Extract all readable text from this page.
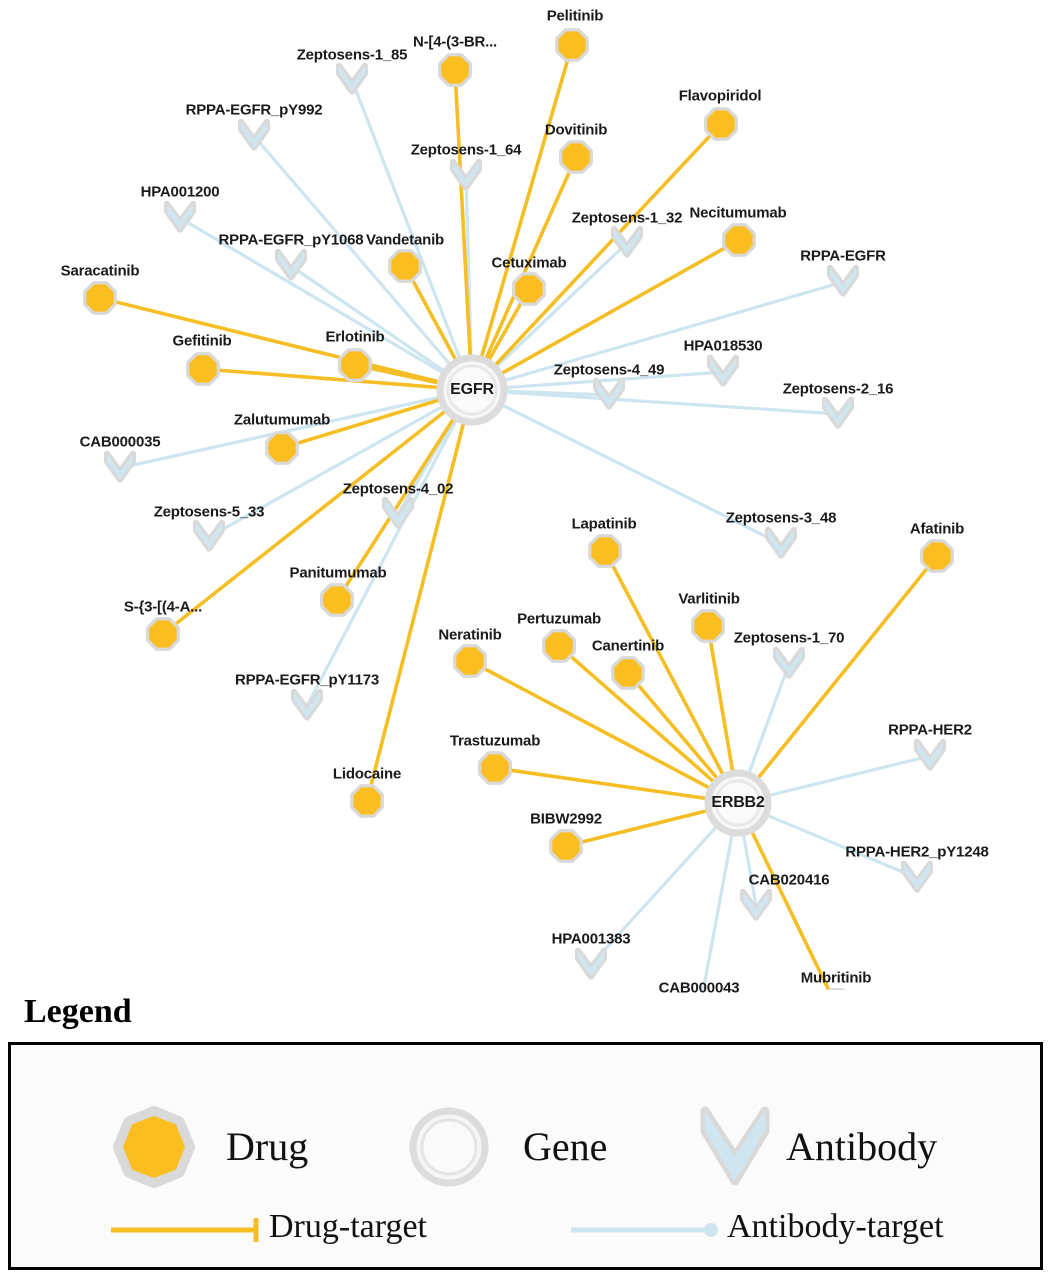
Zeptosens-1_85
RPPA-EGFR_pY992
Zeptosens-1_64
HPA001200
Zeptosens-1_32
RPPA-EGFR_pY1068
RPPA-EGFR
HPA018530
Zeptosens-4_49
Zeptosens-2_16
CAB000035
Zeptosens-4_02
Zeptosens-5_33	Zeptosens-3_48
RPPA-EGFR_pY1173
Zeptosens-1_70
RPPA-HER2
RPPA-HER2_pY1248
CAB020416
HPA001383
CAB000043
Pelitinib
N-[4-(3-BR...
Flavopiridol
Dovitinib
Vandetanib
Necitumumab
Cetuximab
Saracatinib
Gefitinib	Erlotinib
Zalutumumab
Panitumumab
S-{3-[(4-A...
Lidocaine
Lapatinib
Varlitinib
Afatinib
Pertuzumab
Canertinib
Neratinib
Trastuzumab
BIBW2992
Mubritinib
EGFR
ERBB2
Legend
Drug	Gene	Antibody
Drug-target	Antibody-target
